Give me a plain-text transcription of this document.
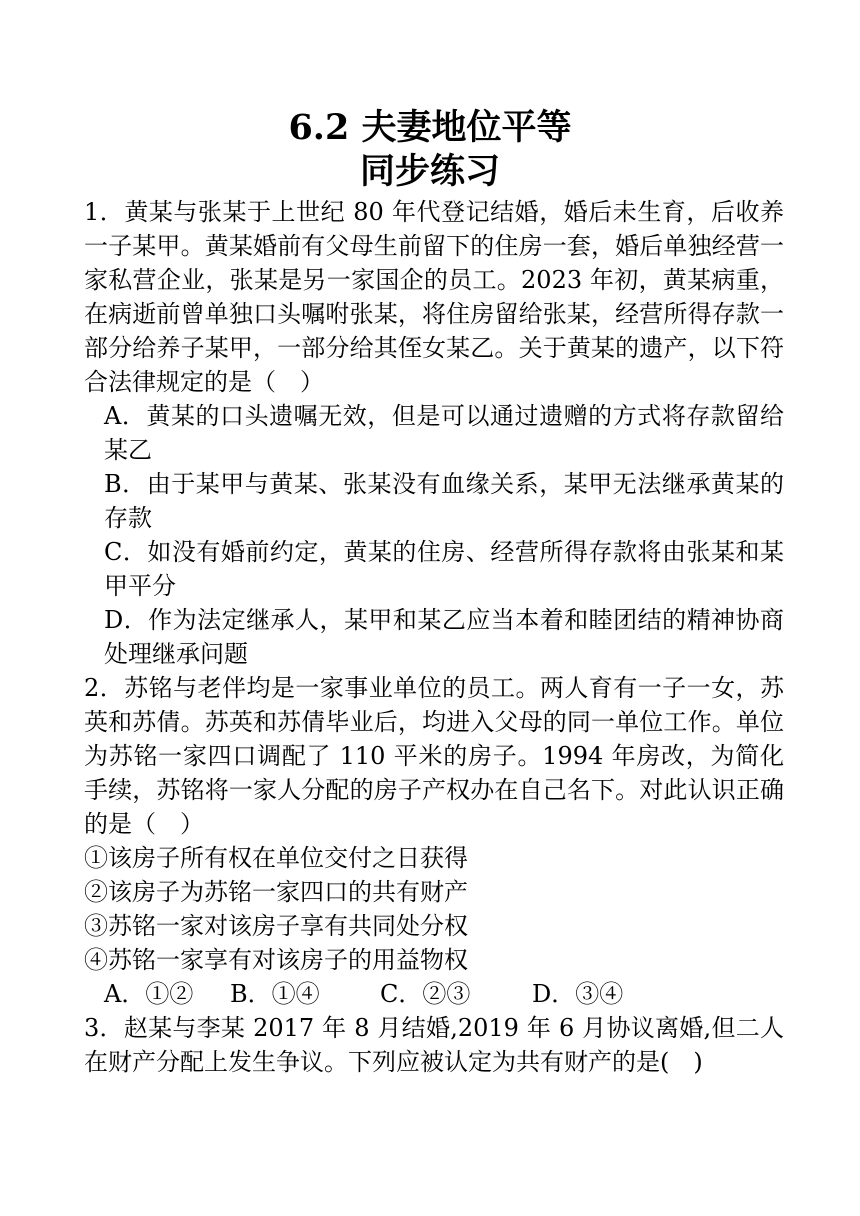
6.2 夫妻地位平等
同步练习

1．黄某与张某于上世纪 80 年代登记结婚，婚后未生育，后收养一子某甲。黄某婚前有父母生前留下的住房一套，婚后单独经营一家私营企业，张某是另一家国企的员工。2023 年初，黄某病重，在病逝前曾单独口头嘱咐张某，将住房留给张某，经营所得存款一部分给养子某甲，一部分给其侄女某乙。关于黄某的遗产，以下符合法律规定的是（　）

A．黄某的口头遗嘱无效，但是可以通过遗赠的方式将存款留给某乙

B．由于某甲与黄某、张某没有血缘关系，某甲无法继承黄某的存款

C．如没有婚前约定，黄某的住房、经营所得存款将由张某和某甲平分

D．作为法定继承人，某甲和某乙应当本着和睦团结的精神协商处理继承问题

2．苏铭与老伴均是一家事业单位的员工。两人育有一子一女，苏英和苏倩。苏英和苏倩毕业后，均进入父母的同一单位工作。单位为苏铭一家四口调配了 110 平米的房子。1994 年房改，为简化手续，苏铭将一家人分配的房子产权办在自己名下。对此认识正确的是（　）

①该房子所有权在单位交付之日获得

②该房子为苏铭一家四口的共有财产

③苏铭一家对该房子享有共同处分权

④苏铭一家享有对该房子的用益物权

A．①②	B．①④	C．②③	D．③④

3．赵某与李某 2017 年 8 月结婚,2019 年 6 月协议离婚,但二人在财产分配上发生争议。下列应被认定为共有财产的是(　)
